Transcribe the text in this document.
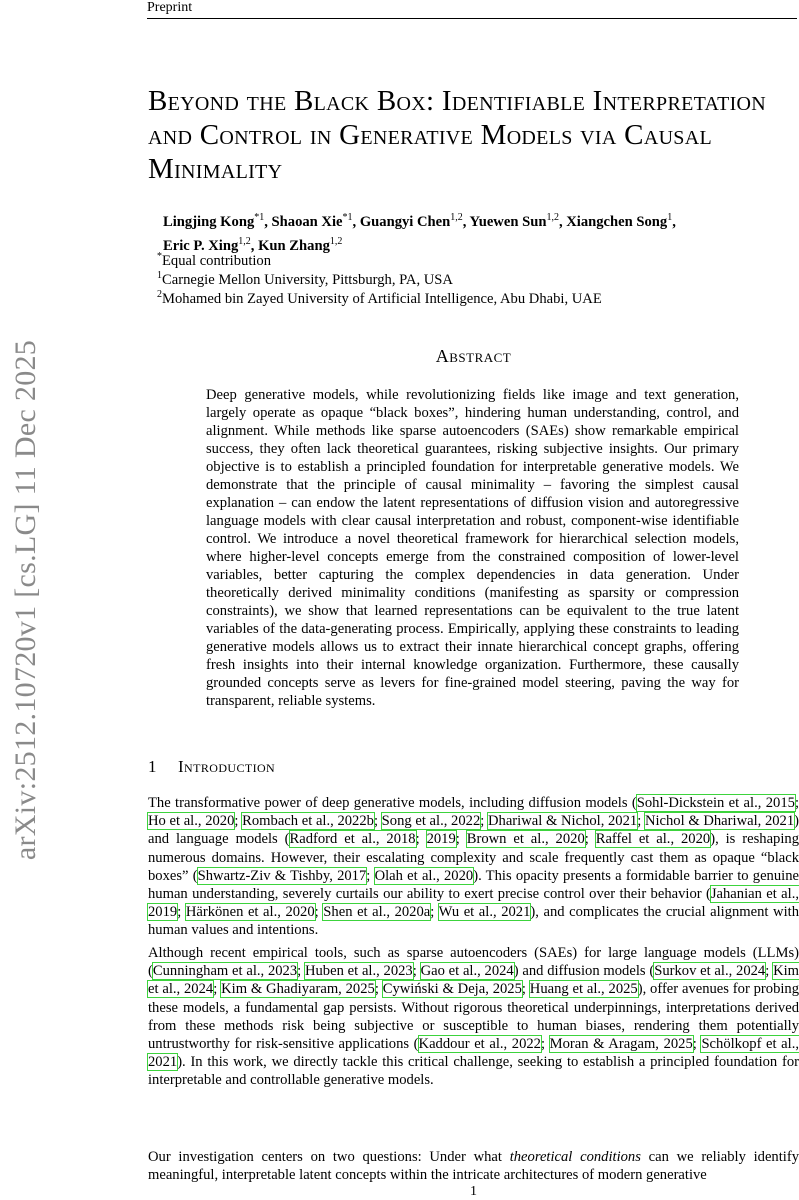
Preprint
arXiv:2512.10720v1 [cs.LG] 11 Dec 2025
Beyond the Black Box: Identifiable Interpretation and Control in Generative Models via Causal Minimality
Lingjing Kong$^{*1}$, Shaoan Xie$^{*1}$, Guangyi Chen$^{1,2}$, Yuewen Sun$^{1,2}$, Xiangchen Song$^1$,
Eric P. Xing$^{1,2}$, Kun Zhang$^{1,2}$
*Equal contribution
$^1$Carnegie Mellon University, Pittsburgh, PA, USA
$^2$Mohamed bin Zayed University of Artificial Intelligence, Abu Dhabi, UAE
Abstract
Deep generative models, while revolutionizing fields like image and text generation, largely operate as opaque “black boxes”, hindering human understanding, control, and alignment. While methods like sparse autoencoders (SAEs) show remarkable empirical success, they often lack theoretical guarantees, risking subjective insights. Our primary objective is to establish a principled foundation for interpretable generative models. We demonstrate that the principle of causal minimality – favoring the simplest causal explanation – can endow the latent representations of diffusion vision and autoregressive language models with clear causal interpretation and robust, component-wise identifiable control. We introduce a novel theoretical framework for hierarchical selection models, where higher-level concepts emerge from the constrained composition of lower-level variables, better capturing the complex dependencies in data generation. Under theoretically derived minimality conditions (manifesting as sparsity or compression constraints), we show that learned representations can be equivalent to the true latent variables of the data-generating process. Empirically, applying these constraints to leading generative models allows us to extract their innate hierarchical concept graphs, offering fresh insights into their internal knowledge organization. Furthermore, these causally grounded concepts serve as levers for fine-grained model steering, paving the way for transparent, reliable systems.
1 Introduction
The transformative power of deep generative models, including diffusion models (Sohl-Dickstein et al., 2015; Ho et al., 2020; Rombach et al., 2022b; Song et al., 2022; Dhariwal & Nichol, 2021; Nichol & Dhariwal, 2021) and language models (Radford et al., 2018; 2019; Brown et al., 2020; Raffel et al., 2020), is reshaping numerous domains. However, their escalating complexity and scale frequently cast them as opaque “black boxes” (Shwartz-Ziv & Tishby, 2017; Olah et al., 2020). This opacity presents a formidable barrier to genuine human understanding, severely curtails our ability to exert precise control over their behavior (Jahanian et al., 2019; Härkönen et al., 2020; Shen et al., 2020a; Wu et al., 2021), and complicates the crucial alignment with human values and intentions.
Although recent empirical tools, such as sparse autoencoders (SAEs) for large language models (LLMs) (Cunningham et al., 2023; Huben et al., 2023; Gao et al., 2024) and diffusion models (Surkov et al., 2024; Kim et al., 2024; Kim & Ghadiyaram, 2025; Cywiński & Deja, 2025; Huang et al., 2025), offer avenues for probing these models, a fundamental gap persists. Without rigorous theoretical underpinnings, interpretations derived from these methods risk being subjective or susceptible to human biases, rendering them potentially untrustworthy for risk-sensitive applications (Kaddour et al., 2022; Moran & Aragam, 2025; Schölkopf et al., 2021). In this work, we directly tackle this critical challenge, seeking to establish a principled foundation for interpretable and controllable generative models.
Our investigation centers on two questions: Under what theoretical conditions can we reliably identify meaningful, interpretable latent concepts within the intricate architectures of modern generative
1
